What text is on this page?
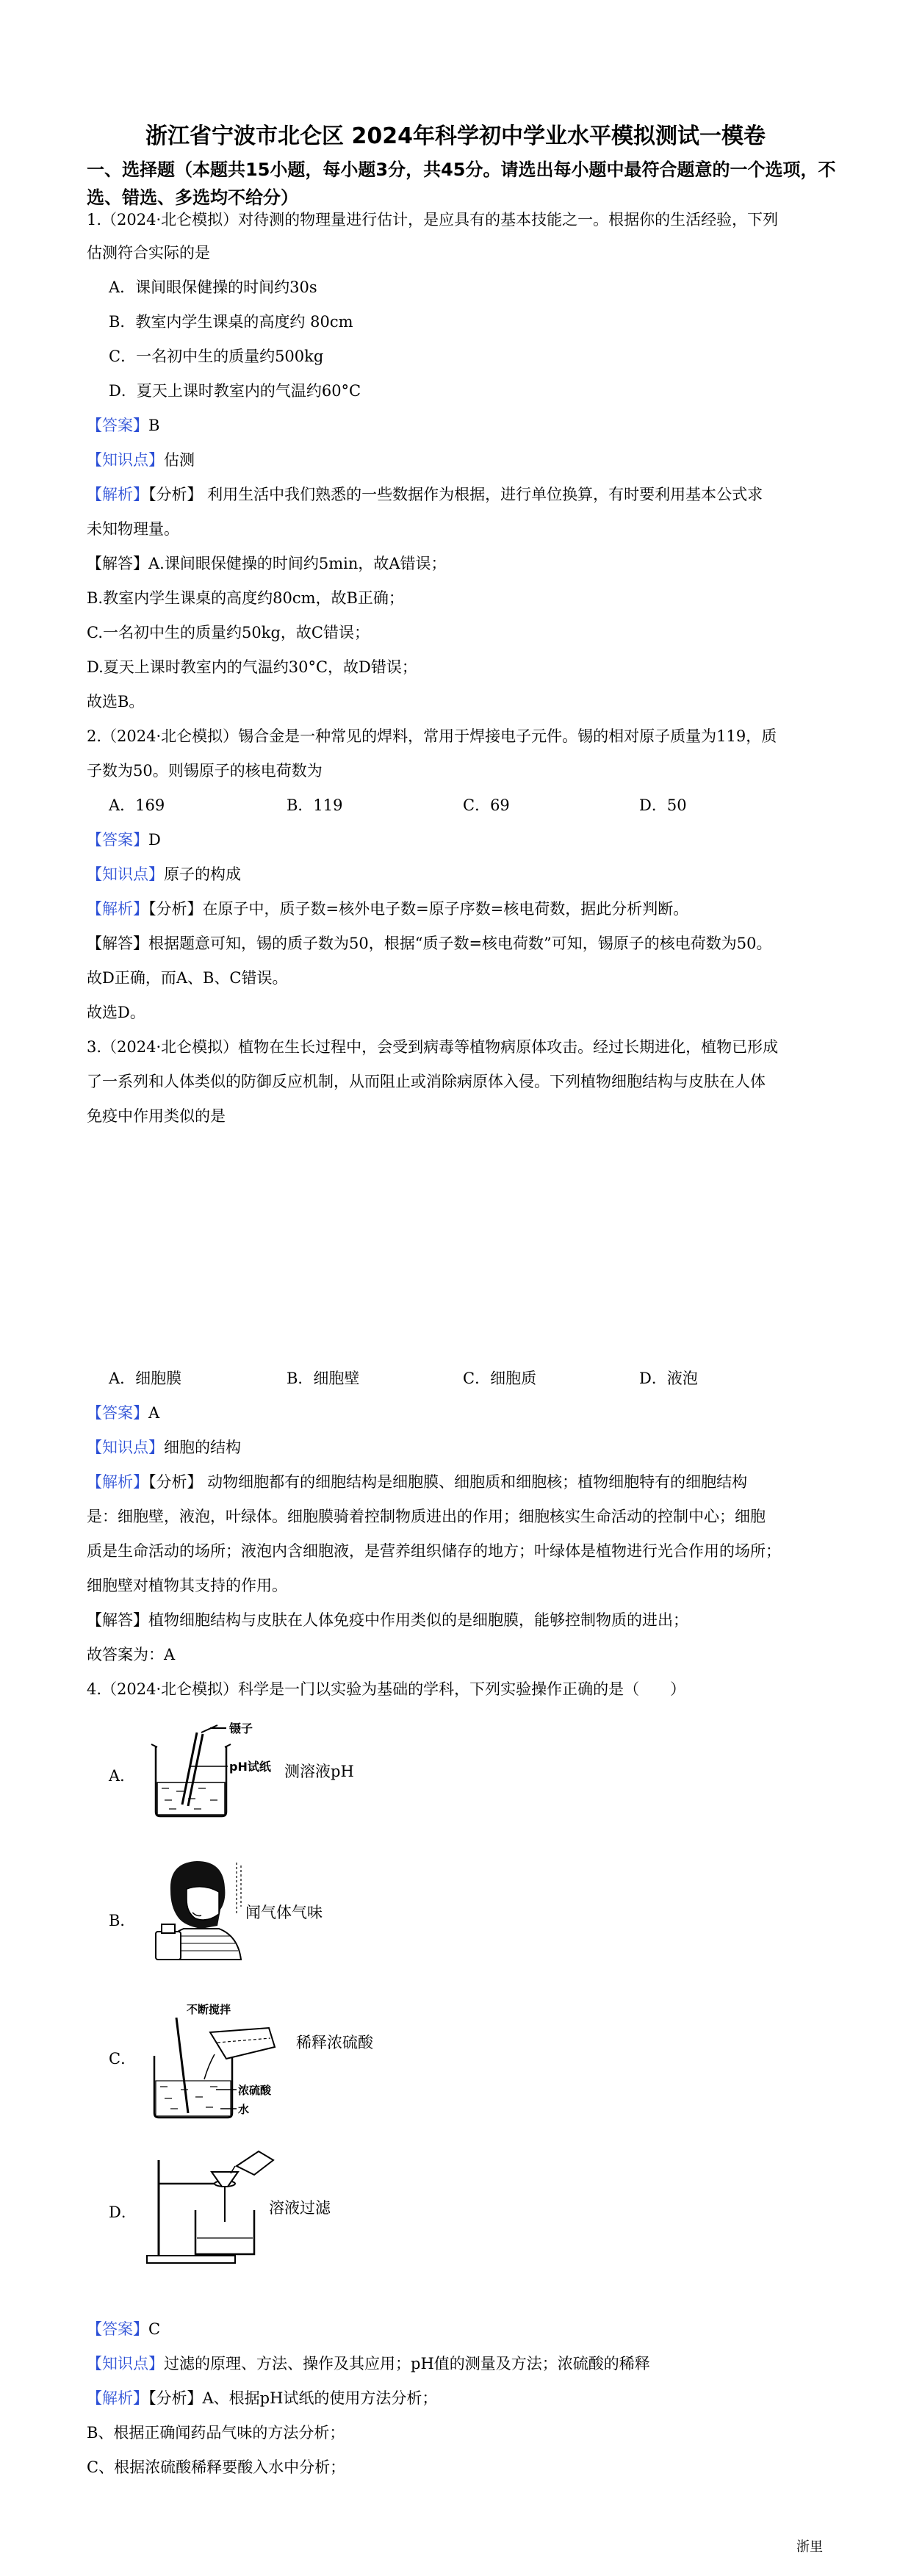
浙江省宁波市北仑区 2024年科学初中学业水平模拟测试一模卷
一、选择题（本题共15小题，每小题3分，共45分。请选出每小题中最符合题意的一个选项，不选、错选、多选均不给分）
1.（2024·北仑模拟）对待测的物理量进行估计，是应具有的基本技能之一。根据你的生活经验，下列
估测符合实际的是
A．课间眼保健操的时间约30s
B．教室内学生课桌的高度约 80cm
C．一名初中生的质量约500kg
D．夏天上课时教室内的气温约60°C
【答案】B
【知识点】估测
【解析】【分析】 利用生活中我们熟悉的一些数据作为根据，进行单位换算，有时要利用基本公式求
未知物理量。
【解答】A.课间眼保健操的时间约5min，故A错误；
B.教室内学生课桌的高度约80cm，故B正确；
C.一名初中生的质量约50kg，故C错误；
D.夏天上课时教室内的气温约30°C，故D错误；
故选B。
2.（2024·北仑模拟）锡合金是一种常见的焊料，常用于焊接电子元件。锡的相对原子质量为119，质
子数为50。则锡原子的核电荷数为
A．169	B．119	C．69	D．50
【答案】D
【知识点】原子的构成
【解析】【分析】在原子中，质子数=核外电子数=原子序数=核电荷数，据此分析判断。
【解答】根据题意可知，锡的质子数为50，根据“质子数=核电荷数”可知，锡原子的核电荷数为50。
故D正确，而A、B、C错误。
故选D。
3.（2024·北仑模拟）植物在生长过程中，会受到病毒等植物病原体攻击。经过长期进化，植物已形成
了一系列和人体类似的防御反应机制，从而阻止或消除病原体入侵。下列植物细胞结构与皮肤在人体
免疫中作用类似的是
A．细胞膜	B．细胞壁	C．细胞质	D．液泡
【答案】A
【知识点】细胞的结构
【解析】【分析】 动物细胞都有的细胞结构是细胞膜、细胞质和细胞核；植物细胞特有的细胞结构
是：细胞壁，液泡，叶绿体。细胞膜骑着控制物质进出的作用；细胞核实生命活动的控制中心；细胞
质是生命活动的场所；液泡内含细胞液，是营养组织储存的地方；叶绿体是植物进行光合作用的场所；
细胞壁对植物其支持的作用。
【解答】植物细胞结构与皮肤在人体免疫中作用类似的是细胞膜，能够控制物质的进出；
故答案为：A
4.（2024·北仑模拟）科学是一门以实验为基础的学科，下列实验操作正确的是（　　）
A．
镊子
pH试纸 测溶液pH
B．	闻气体气味
C．
不断搅拌
浓硫酸
水
稀释浓硫酸
D．	溶液过滤
【答案】C
【知识点】过滤的原理、方法、操作及其应用；pH值的测量及方法；浓硫酸的稀释
【解析】【分析】A、根据pH试纸的使用方法分析；
B、根据正确闻药品气味的方法分析；
C、根据浓硫酸稀释要酸入水中分析；
浙里
